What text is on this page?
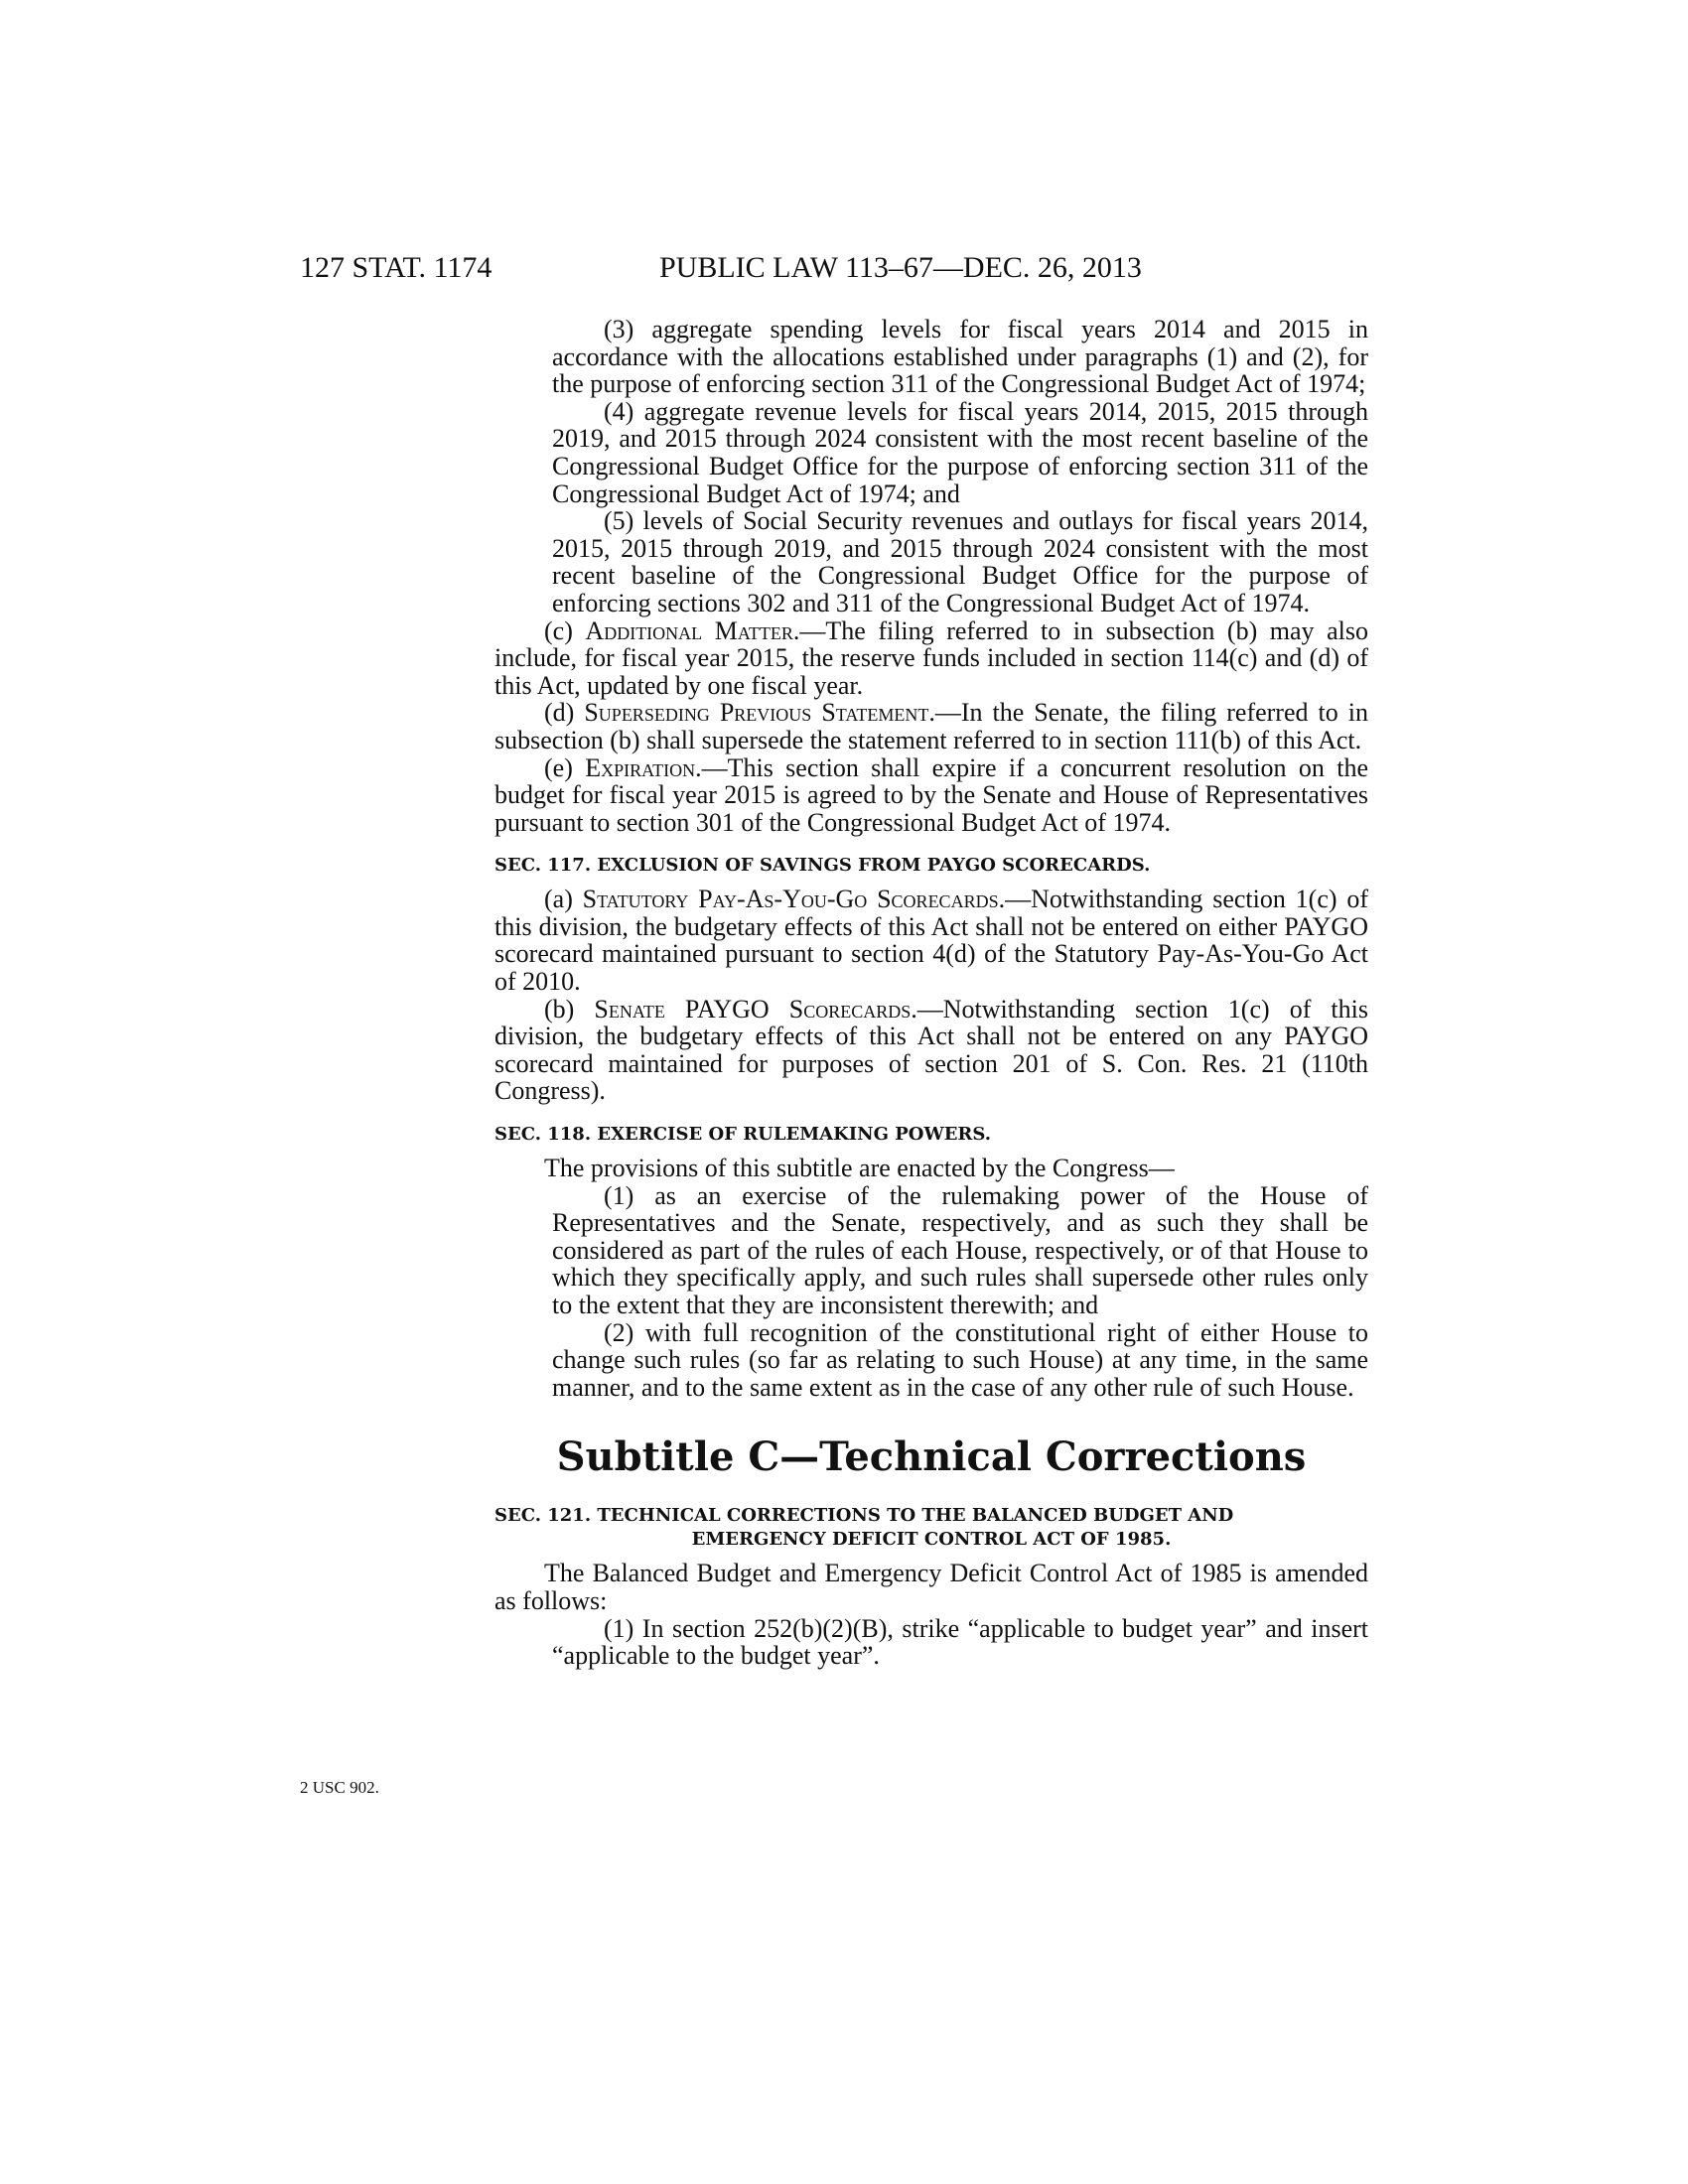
127 STAT. 1174	PUBLIC LAW 113–67—DEC. 26, 2013

(3) aggregate spending levels for fiscal years 2014 and 2015 in accordance with the allocations established under paragraphs (1) and (2), for the purpose of enforcing section 311 of the Congressional Budget Act of 1974;

(4) aggregate revenue levels for fiscal years 2014, 2015, 2015 through 2019, and 2015 through 2024 consistent with the most recent baseline of the Congressional Budget Office for the purpose of enforcing section 311 of the Congressional Budget Act of 1974; and

(5) levels of Social Security revenues and outlays for fiscal years 2014, 2015, 2015 through 2019, and 2015 through 2024 consistent with the most recent baseline of the Congressional Budget Office for the purpose of enforcing sections 302 and 311 of the Congressional Budget Act of 1974.

(c) Additional Matter.—The filing referred to in subsection (b) may also include, for fiscal year 2015, the reserve funds included in section 114(c) and (d) of this Act, updated by one fiscal year.

(d) Superseding Previous Statement.—In the Senate, the filing referred to in subsection (b) shall supersede the statement referred to in section 111(b) of this Act.

(e) Expiration.—This section shall expire if a concurrent resolution on the budget for fiscal year 2015 is agreed to by the Senate and House of Representatives pursuant to section 301 of the Congressional Budget Act of 1974.

SEC. 117. EXCLUSION OF SAVINGS FROM PAYGO SCORECARDS.

(a) Statutory Pay-As-You-Go Scorecards.—Notwithstanding section 1(c) of this division, the budgetary effects of this Act shall not be entered on either PAYGO scorecard maintained pursuant to section 4(d) of the Statutory Pay-As-You-Go Act of 2010.

(b) Senate PAYGO Scorecards.—Notwithstanding section 1(c) of this division, the budgetary effects of this Act shall not be entered on any PAYGO scorecard maintained for purposes of section 201 of S. Con. Res. 21 (110th Congress).

SEC. 118. EXERCISE OF RULEMAKING POWERS.

The provisions of this subtitle are enacted by the Congress—

(1) as an exercise of the rulemaking power of the House of Representatives and the Senate, respectively, and as such they shall be considered as part of the rules of each House, respectively, or of that House to which they specifically apply, and such rules shall supersede other rules only to the extent that they are inconsistent therewith; and

(2) with full recognition of the constitutional right of either House to change such rules (so far as relating to such House) at any time, in the same manner, and to the same extent as in the case of any other rule of such House.

Subtitle C—Technical Corrections
SEC. 121. TECHNICAL CORRECTIONS TO THE BALANCED BUDGET AND
EMERGENCY DEFICIT CONTROL ACT OF 1985.

The Balanced Budget and Emergency Deficit Control Act of 1985 is amended as follows:

(1) In section 252(b)(2)(B), strike “applicable to budget year” and insert “applicable to the budget year”.

2 USC 902.
